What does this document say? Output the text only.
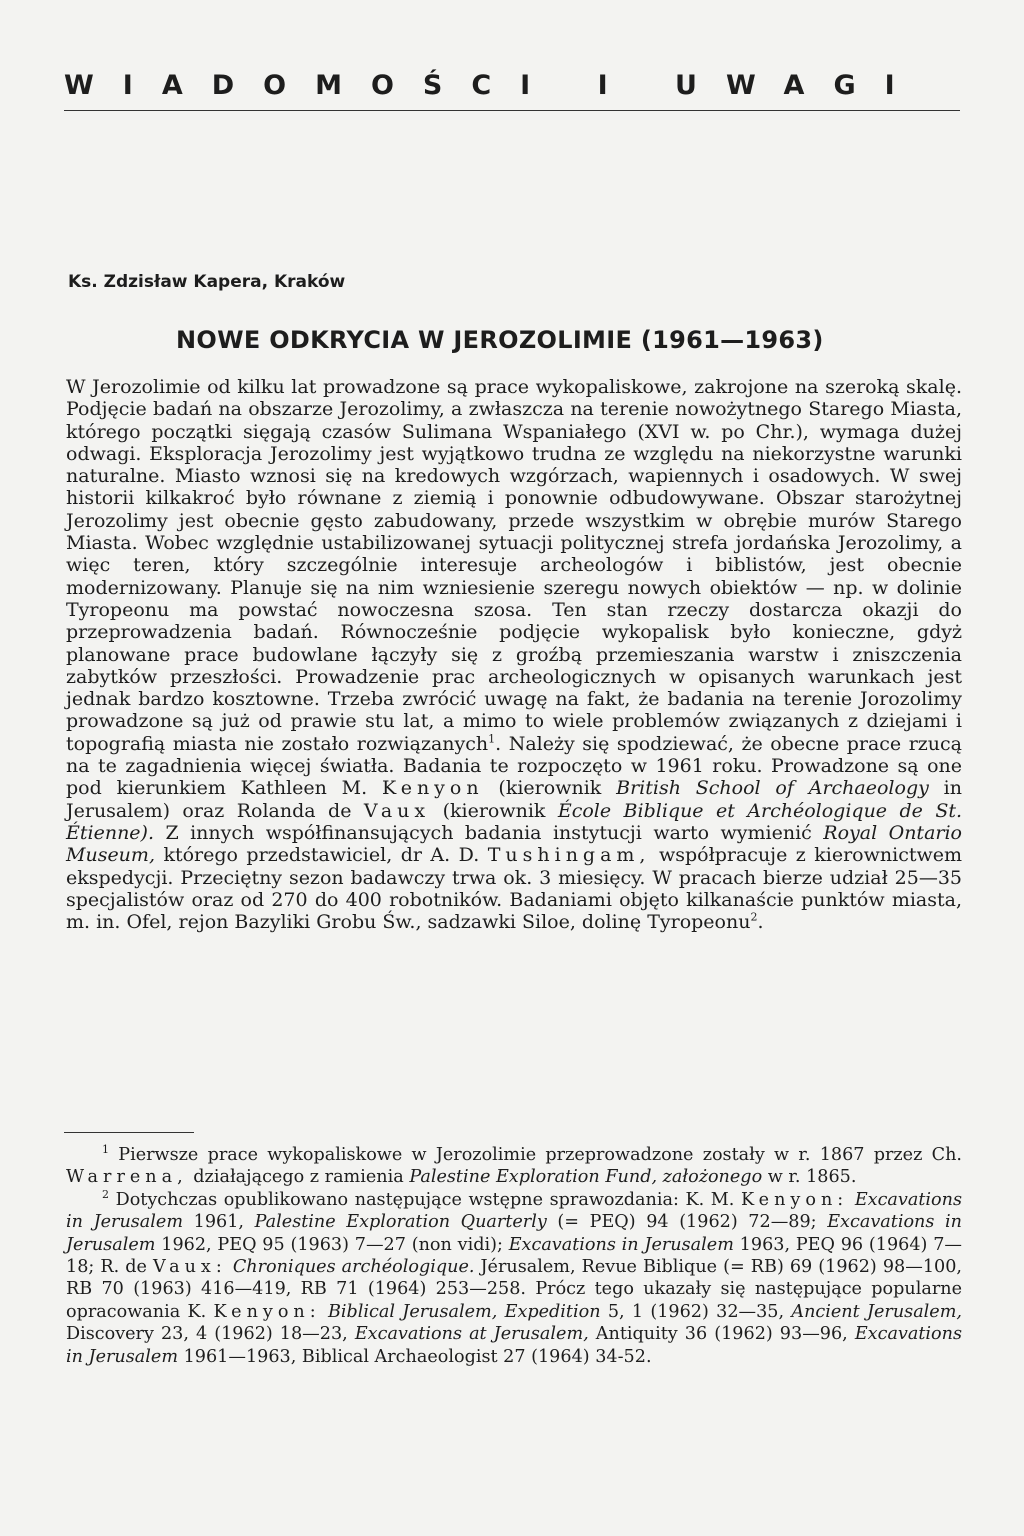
WIADOMOŚCI I UWAGI
Ks. Zdzisław Kapera, Kraków
NOWE ODKRYCIA W JEROZOLIMIE (1961—1963)

W Jerozolimie od kilku lat prowadzone są prace wykopaliskowe, zakrojone na szeroką skalę. Podjęcie badań na obszarze Jerozolimy, a zwłaszcza na terenie nowożytnego Starego Miasta, którego początki sięgają czasów Sulimana Wspaniałego (XVI w. po Chr.), wymaga dużej odwagi. Eksploracja Jerozolimy jest wyjątkowo trudna ze względu na niekorzystne warunki naturalne. Miasto wznosi się na kredowych wzgórzach, wapiennych i osadowych. W swej historii kilkakroć było równane z ziemią i ponownie odbudowywane. Obszar starożytnej Jerozolimy jest obecnie gęsto zabudowany, przede wszystkim w obrębie murów Starego Miasta. Wobec względnie ustabilizowanej sytuacji politycznej strefa jordańska Jerozolimy, a więc teren, który szczególnie interesuje archeologów i biblistów, jest obecnie modernizowany. Planuje się na nim wzniesienie szeregu nowych obiektów — np. w dolinie Tyropeonu ma powstać nowoczesna szosa. Ten stan rzeczy dostarcza okazji do przeprowadzenia badań. Równocześnie podjęcie wykopalisk było konieczne, gdyż planowane prace budowlane łączyły się z groźbą przemieszania warstw i zniszczenia zabytków przeszłości. Prowadzenie prac archeologicznych w opisanych warunkach jest jednak bardzo kosztowne. Trzeba zwrócić uwagę na fakt, że badania na terenie Jorozolimy prowadzone są już od prawie stu lat, a mimo to wiele problemów związanych z dziejami i topografią miasta nie zostało rozwiązanych$^1$. Należy się spodziewać, że obecne prace rzucą na te zagadnienia więcej światła. Badania te rozpoczęto w 1961 roku. Prowadzone są one pod kierunkiem Kathleen M. Kenyon (kierownik British School of Archaeology in Jerusalem) oraz Rolanda de Vaux (kierownik École Biblique et Archéologique de St. Étienne). Z innych współfinansujących badania instytucji warto wymienić Royal Ontario Museum, którego przedstawiciel, dr A. D. Tushingam, współpracuje z kierownictwem ekspedycji. Przeciętny sezon badawczy trwa ok. 3 miesięcy. W pracach bierze udział 25—35 specjalistów oraz od 270 do 400 robotników. Badaniami objęto kilkanaście punktów miasta, m. in. Ofel, rejon Bazyliki Grobu Św., sadzawki Siloe, dolinę Tyropeonu$^2$.

$^1$ Pierwsze prace wykopaliskowe w Jerozolimie przeprowadzone zostały w r. 1867 przez Ch. Warrena, działającego z ramienia Palestine Exploration Fund, założonego w r. 1865.

$^2$ Dotychczas opublikowano następujące wstępne sprawozdania: K. M. Kenyon: Excavations in Jerusalem 1961, Palestine Exploration Quarterly (= PEQ) 94 (1962) 72—89; Excavations in Jerusalem 1962, PEQ 95 (1963) 7—27 (non vidi); Excavations in Jerusalem 1963, PEQ 96 (1964) 7—18; R. de Vaux: Chroniques archéologique. Jérusalem, Revue Biblique (= RB) 69 (1962) 98—100, RB 70 (1963) 416—419, RB 71 (1964) 253—258. Prócz tego ukazały się następujące popularne opracowania K. Kenyon: Biblical Jerusalem, Expedition 5, 1 (1962) 32—35, Ancient Jerusalem, Discovery 23, 4 (1962) 18—23, Excavations at Jerusalem, Antiquity 36 (1962) 93—96, Excavations in Jerusalem 1961—1963, Biblical Archaeologist 27 (1964) 34-52.
